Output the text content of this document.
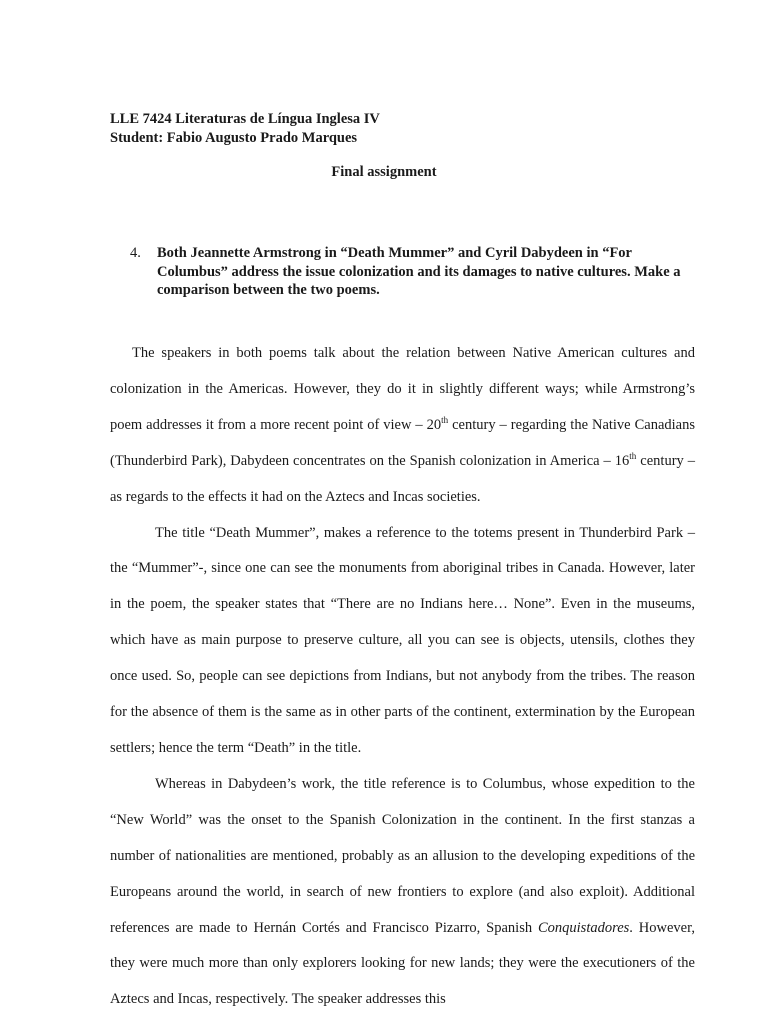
LLE 7424 Literaturas de Língua Inglesa IV
Student: Fabio Augusto Prado Marques
Final assignment
4. Both Jeannette Armstrong in “Death Mummer” and Cyril Dabydeen in “For Columbus” address the issue colonization and its damages to native cultures. Make a comparison between the two poems.

The speakers in both poems talk about the relation between Native American cultures and colonization in the Americas. However, they do it in slightly different ways; while Armstrong’s poem addresses it from a more recent point of view – 20th century – regarding the Native Canadians (Thunderbird Park), Dabydeen concentrates on the Spanish colonization in America – 16th century – as regards to the effects it had on the Aztecs and Incas societies.

The title “Death Mummer”, makes a reference to the totems present in Thunderbird Park – the “Mummer”-, since one can see the monuments from aboriginal tribes in Canada. However, later in the poem, the speaker states that “There are no Indians here… None”. Even in the museums, which have as main purpose to preserve culture, all you can see is objects, utensils, clothes they once used. So, people can see depictions from Indians, but not anybody from the tribes. The reason for the absence of them is the same as in other parts of the continent, extermination by the European settlers; hence the term “Death” in the title.

Whereas in Dabydeen’s work, the title reference is to Columbus, whose expedition to the “New World” was the onset to the Spanish Colonization in the continent. In the first stanzas a number of nationalities are mentioned, probably as an allusion to the developing expeditions of the Europeans around the world, in search of new frontiers to explore (and also exploit). Additional references are made to Hernán Cortés and Francisco Pizarro, Spanish Conquistadores. However, they were much more than only explorers looking for new lands; they were the executioners of the Aztecs and Incas, respectively. The speaker addresses this
